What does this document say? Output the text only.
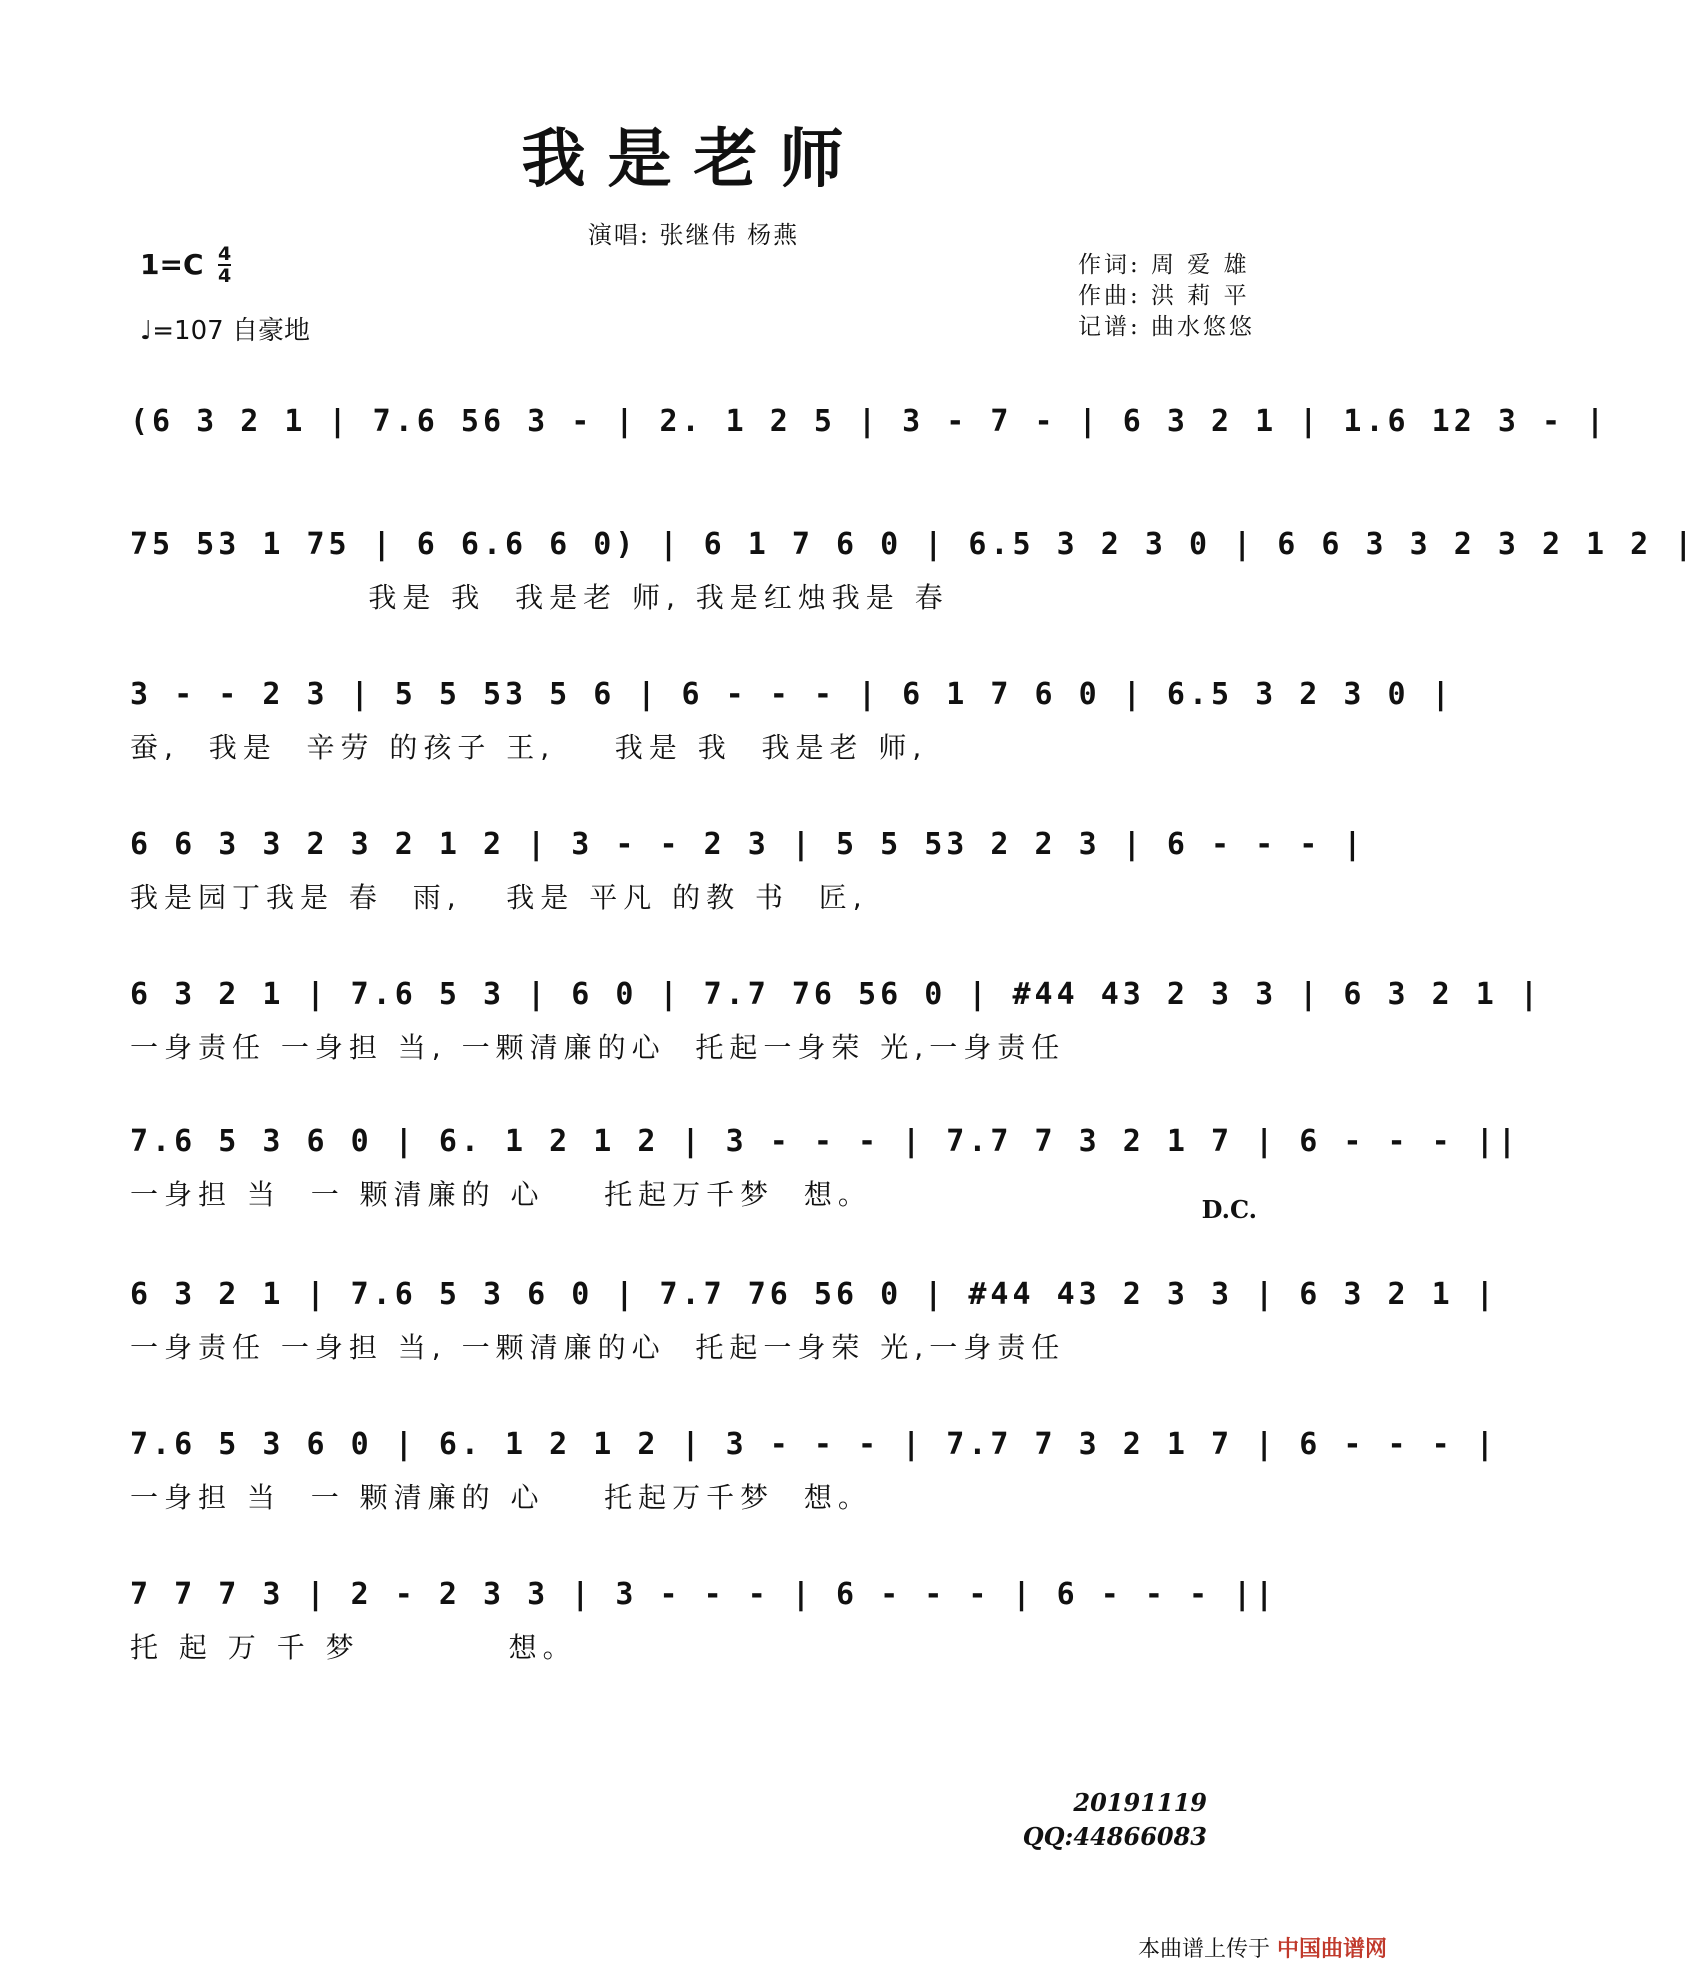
我是老师
演唱: 张继伟 杨燕
1=C 4
4
♩=107 自豪地
作词: 周 爱 雄
作曲: 洪 莉 平
记谱: 曲水悠悠
(6 3 2 1 | 7.6 56 3 - | 2. 1 2 5 | 3 - 7 - | 6 3 2 1 | 1.6 12 3 - |
75 53 1 75 | 6 6.6 6 0) | 6 1 7 6 0 | 6.5 3 2 3 0 | 6 6 3 3 2 3 2 1 2 |
我是 我  我是老 师, 我是红烛我是 春
3 - - 2 3 | 5 5 53 5 6 | 6 - - - | 6 1 7 6 0 | 6.5 3 2 3 0 |
蚕,  我是  辛劳 的孩子 王,    我是 我  我是老 师,
6 6 3 3 2 3 2 1 2 | 3 - - 2 3 | 5 5 53 2 2 3 | 6 - - - |
我是园丁我是 春  雨,   我是 平凡 的教 书  匠,
6 3 2 1 | 7.6 5 3 | 6 0 | 7.7 76 56 0 | #44 43 2 3 3 | 6 3 2 1 |
一身责任 一身担 当, 一颗清廉的心  托起一身荣 光,一身责任
7.6 5 3 6 0 | 6. 1 2 1 2 | 3 - - - | 7.7 7 3 2 1 7 | 6 - - - ||
一身担 当  一 颗清廉的 心    托起万千梦  想。
6 3 2 1 | 7.6 5 3 6 0 | 7.7 76 56 0 | #44 43 2 3 3 | 6 3 2 1 |
一身责任 一身担 当, 一颗清廉的心  托起一身荣 光,一身责任
7.6 5 3 6 0 | 6. 1 2 1 2 | 3 - - - | 7.7 7 3 2 1 7 | 6 - - - |
一身担 当  一 颗清廉的 心    托起万千梦  想。
7 7 7 3 | 2 - 2 3 3 | 3 - - - | 6 - - - | 6 - - - ||
托 起 万 千 梦          想。
D.C.
20191119
QQ:44866083
本曲谱上传于 中国曲谱网
